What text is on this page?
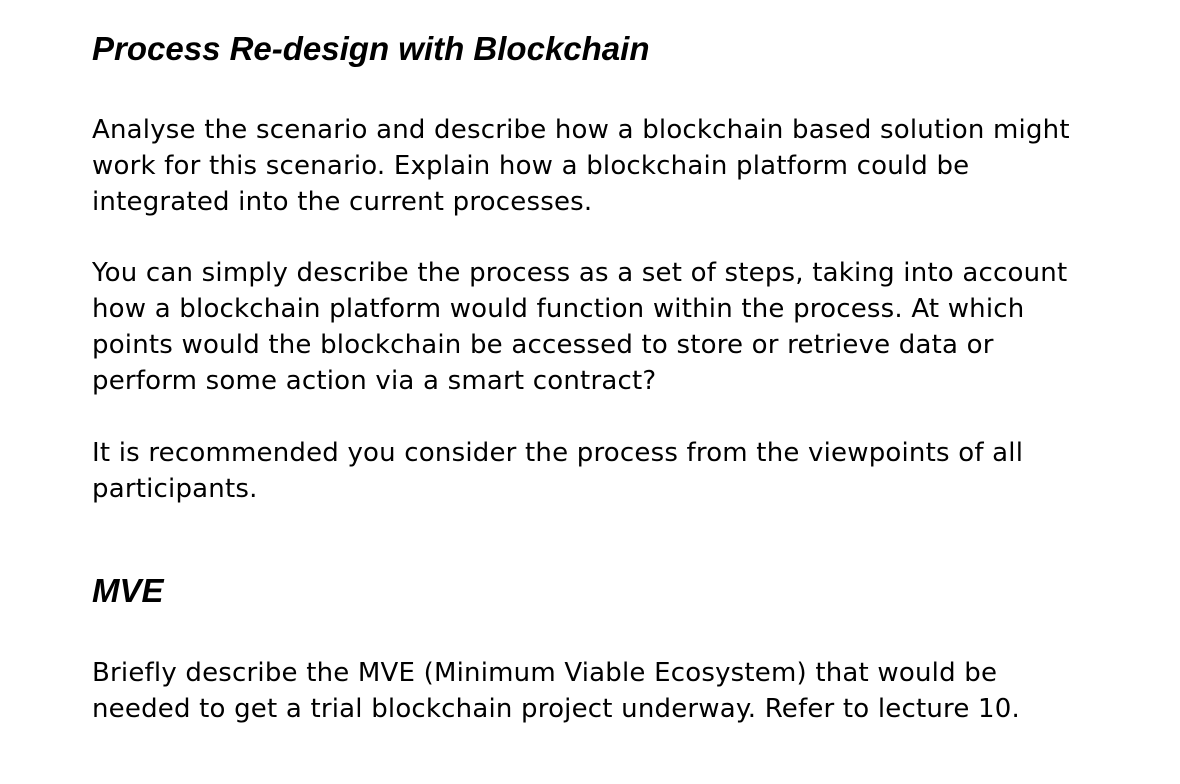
Process Re-design with Blockchain

Analyse the scenario and describe how a blockchain based solution might
work for this scenario. Explain how a blockchain platform could be
integrated into the current processes.

You can simply describe the process as a set of steps, taking into account
how a blockchain platform would function within the process. At which
points would the blockchain be accessed to store or retrieve data or
perform some action via a smart contract?

It is recommended you consider the process from the viewpoints of all
participants.

MVE

Briefly describe the MVE (Minimum Viable Ecosystem) that would be
needed to get a trial blockchain project underway. Refer to lecture 10.
